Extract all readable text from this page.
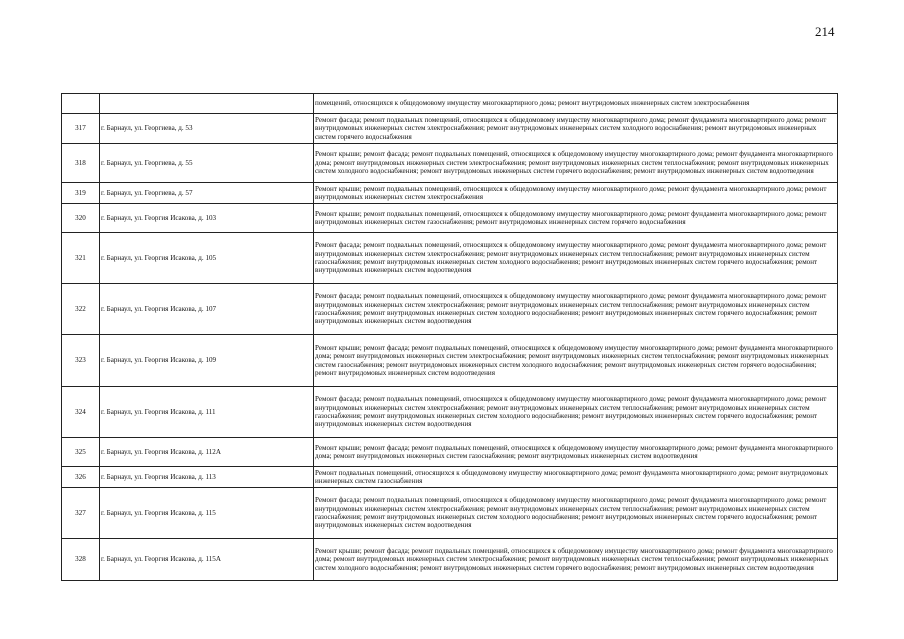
214
		помещений, относящихся к общедомовому имуществу многоквартирного дома; ремонт внутридомовых инженерных систем электроснабжения
317	г. Барнаул, ул. Георгиева, д. 53	Ремонт фасада; ремонт подвальных помещений, относящихся к общедомовому имуществу многоквартирного дома; ремонт фундамента многоквартирного дома; ремонт внутридомовых инженерных систем электроснабжения; ремонт внутридомовых инженерных систем холодного водоснабжения; ремонт внутридомовых инженерных систем горячего водоснабжения
318	г. Барнаул, ул. Георгиева, д. 55	Ремонт крыши; ремонт фасада; ремонт подвальных помещений, относящихся к общедомовому имуществу многоквартирного дома; ремонт фундамента многоквартирного дома; ремонт внутридомовых инженерных систем электроснабжения; ремонт внутридомовых инженерных систем теплоснабжения; ремонт внутридомовых инженерных систем холодного водоснабжения; ремонт внутридомовых инженерных систем горячего водоснабжения; ремонт внутридомовых инженерных систем водоотведения
319	г. Барнаул, ул. Георгиева, д. 57	Ремонт крыши; ремонт подвальных помещений, относящихся к общедомовому имуществу многоквартирного дома; ремонт фундамента многоквартирного дома; ремонт внутридомовых инженерных систем электроснабжения
320	г. Барнаул, ул. Георгия Исакова, д. 103	Ремонт крыши; ремонт подвальных помещений, относящихся к общедомовому имуществу многоквартирного дома; ремонт фундамента многоквартирного дома; ремонт внутридомовых инженерных систем газоснабжения; ремонт внутридомовых инженерных систем горячего водоснабжения
321	г. Барнаул, ул. Георгия Исакова, д. 105	Ремонт фасада; ремонт подвальных помещений, относящихся к общедомовому имуществу многоквартирного дома; ремонт фундамента многоквартирного дома; ремонт внутридомовых инженерных систем электроснабжения; ремонт внутридомовых инженерных систем теплоснабжения; ремонт внутридомовых инженерных систем газоснабжения; ремонт внутридомовых инженерных систем холодного водоснабжения; ремонт внутридомовых инженерных систем горячего водоснабжения; ремонт внутридомовых инженерных систем водоотведения
322	г. Барнаул, ул. Георгия Исакова, д. 107	Ремонт фасада; ремонт подвальных помещений, относящихся к общедомовому имуществу многоквартирного дома; ремонт фундамента многоквартирного дома; ремонт внутридомовых инженерных систем электроснабжения; ремонт внутридомовых инженерных систем теплоснабжения; ремонт внутридомовых инженерных систем газоснабжения; ремонт внутридомовых инженерных систем холодного водоснабжения; ремонт внутридомовых инженерных систем горячего водоснабжения; ремонт внутридомовых инженерных систем водоотведения
323	г. Барнаул, ул. Георгия Исакова, д. 109	Ремонт крыши; ремонт фасада; ремонт подвальных помещений, относящихся к общедомовому имуществу многоквартирного дома; ремонт фундамента многоквартирного дома; ремонт внутридомовых инженерных систем электроснабжения; ремонт внутридомовых инженерных систем теплоснабжения; ремонт внутридомовых инженерных систем газоснабжения; ремонт внутридомовых инженерных систем холодного водоснабжения; ремонт внутридомовых инженерных систем горячего водоснабжения; ремонт внутридомовых инженерных систем водоотведения
324	г. Барнаул, ул. Георгия Исакова, д. 111	Ремонт фасада; ремонт подвальных помещений, относящихся к общедомовому имуществу многоквартирного дома; ремонт фундамента многоквартирного дома; ремонт внутридомовых инженерных систем электроснабжения; ремонт внутридомовых инженерных систем теплоснабжения; ремонт внутридомовых инженерных систем газоснабжения; ремонт внутридомовых инженерных систем холодного водоснабжения; ремонт внутридомовых инженерных систем горячего водоснабжения; ремонт внутридомовых инженерных систем водоотведения
325	г. Барнаул, ул. Георгия Исакова, д. 112А	Ремонт крыши; ремонт фасада; ремонт подвальных помещений, относящихся к общедомовому имуществу многоквартирного дома; ремонт фундамента многоквартирного дома; ремонт внутридомовых инженерных систем газоснабжения; ремонт внутридомовых инженерных систем водоотведения
326	г. Барнаул, ул. Георгия Исакова, д. 113	Ремонт подвальных помещений, относящихся к общедомовому имуществу многоквартирного дома; ремонт фундамента многоквартирного дома; ремонт внутридомовых инженерных систем газоснабжения
327	г. Барнаул, ул. Георгия Исакова, д. 115	Ремонт фасада; ремонт подвальных помещений, относящихся к общедомовому имуществу многоквартирного дома; ремонт фундамента многоквартирного дома; ремонт внутридомовых инженерных систем электроснабжения; ремонт внутридомовых инженерных систем теплоснабжения; ремонт внутридомовых инженерных систем газоснабжения; ремонт внутридомовых инженерных систем холодного водоснабжения; ремонт внутридомовых инженерных систем горячего водоснабжения; ремонт внутридомовых инженерных систем водоотведения
328	г. Барнаул, ул. Георгия Исакова, д. 115А	Ремонт крыши; ремонт фасада; ремонт подвальных помещений, относящихся к общедомовому имуществу многоквартирного дома; ремонт фундамента многоквартирного дома; ремонт внутридомовых инженерных систем электроснабжения; ремонт внутридомовых инженерных систем теплоснабжения; ремонт внутридомовых инженерных систем холодного водоснабжения; ремонт внутридомовых инженерных систем горячего водоснабжения; ремонт внутридомовых инженерных систем водоотведения
